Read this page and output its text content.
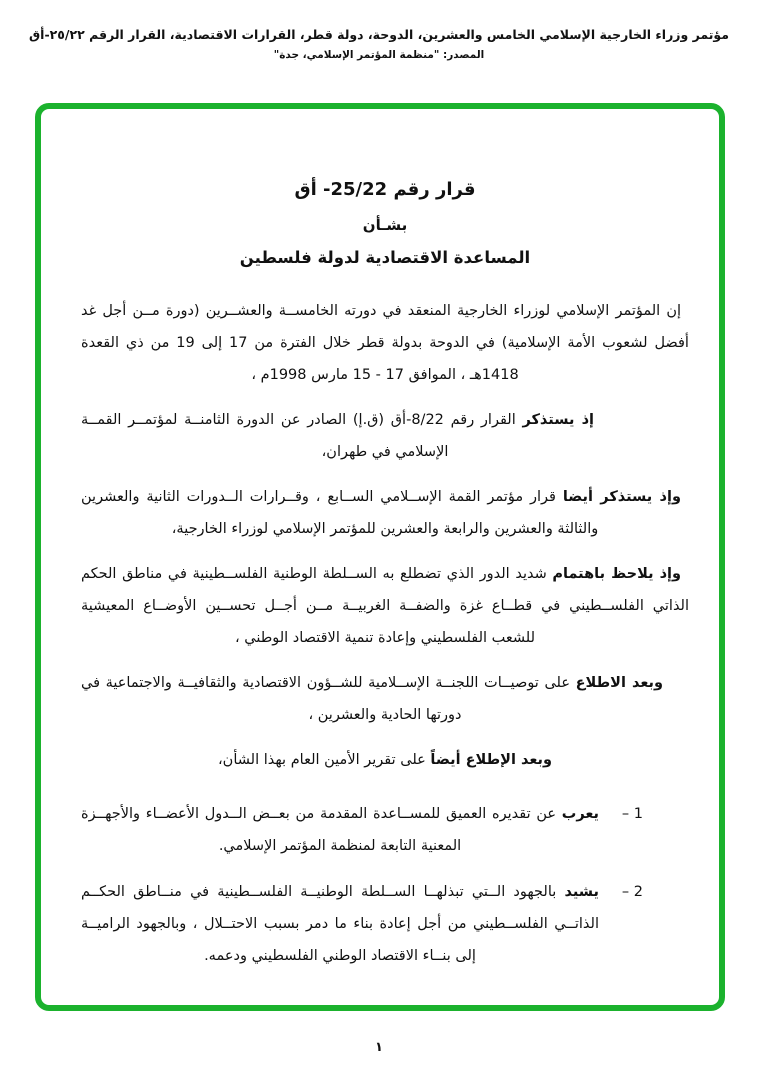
مؤتمر وزراء الخارجية الإسلامي الخامس والعشرين، الدوحة، دولة قطر، القرارات الاقتصادية، القرار الرقم ٢٥/٢٢-أق
المصدر: "منظمة المؤتمر الإسلامي، جدة"
قرار رقم 25/22- أق
بشـأن
المساعدة الاقتصادية لدولة فلسطين

إن المؤتمر الإسلامي لوزراء الخارجية المنعقد في دورته الخامســة والعشــرين (دورة مــن أجل غد أفضل لشعوب الأمة الإسلامية) في الدوحة بدولة قطر خلال الفترة من 17 إلى 19 من ذي القعدة 1418هـ ، الموافق ‪15 - 17‬ مارس 1998م ،

إذ يستذكر القرار رقم 8/22-أق (ق.إ) الصادر عن الدورة الثامنــة لمؤتمــر القمــة الإسلامي في طهران،

وإذ يستذكر أيضا قرار مؤتمر القمة الإســلامي الســابع ، وقــرارات الــدورات الثانية والعشرين والثالثة والعشرين والرابعة والعشرين للمؤتمر الإسلامي لوزراء الخارجية،

وإذ يلاحظ باهتمام شديد الدور الذي تضطلع به الســلطة الوطنية الفلســطينية في مناطق الحكم الذاتي الفلســطيني في قطــاع غزة والضفــة الغربيــة مــن أجــل تحســين الأوضــاع المعيشية للشعب الفلسطيني وإعادة تنمية الاقتصاد الوطني ،

وبعد الاطلاع على توصيــات اللجنــة الإســلامية للشــؤون الاقتصادية والثقافيــة والاجتماعية في دورتها الحادية والعشرين ،

وبعد الإطلاع أيضاً على تقرير الأمين العام بهذا الشأن،

1 –
يعرب عن تقديره العميق للمســاعدة المقدمة من بعــض الــدول الأعضــاء والأجهــزة المعنية التابعة لمنظمة المؤتمر الإسلامي.
2 –
يشيد بالجهود الــتي تبذلهــا الســلطة الوطنيــة الفلســطينية في منــاطق الحكــم الذاتــي الفلســطيني من أجل إعادة بناء ما دمر بسبب الاحتــلال ، وبالجهود الراميــة إلى بنــاء الاقتصاد الوطني الفلسطيني ودعمه.
١
